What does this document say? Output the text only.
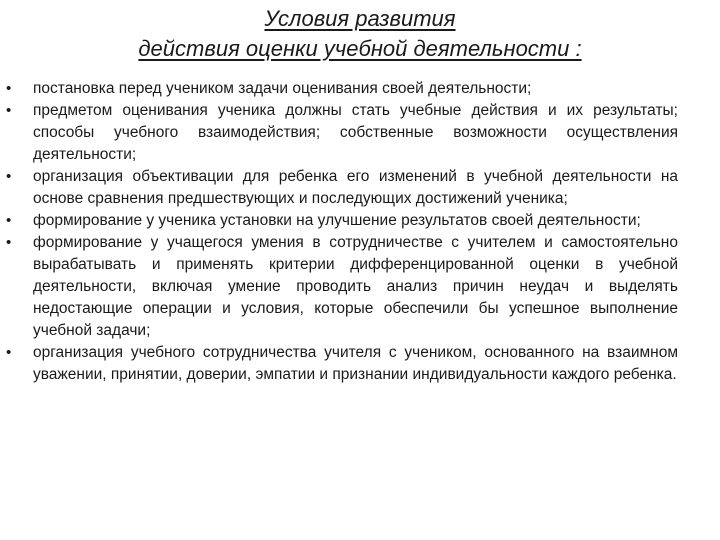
Условия развития
действия оценки учебной деятельности :
• постановка перед учеником задачи оценивания своей деятельности;
• предметом оценивания ученика должны стать учебные действия и их результаты; способы учебного взаимодействия; собственные возможности осуществления деятельности;
• организация объективации для ребенка его изменений в учебной деятельности на основе сравнения предшествующих и последующих достижений ученика;
• формирование у ученика установки на улучшение результатов своей деятельности;
• формирование у учащегося умения в сотрудничестве с учителем и самостоятельно вырабатывать и применять критерии дифференцированной оценки в учебной деятельности, включая умение проводить анализ причин неудач и выделять недостающие операции и условия, которые обеспечили бы успешное выполнение учебной задачи;
• организация учебного сотрудничества учителя с учеником, основанного на взаимном уважении, принятии, доверии, эмпатии и признании индивидуальности каждого ребенка.
